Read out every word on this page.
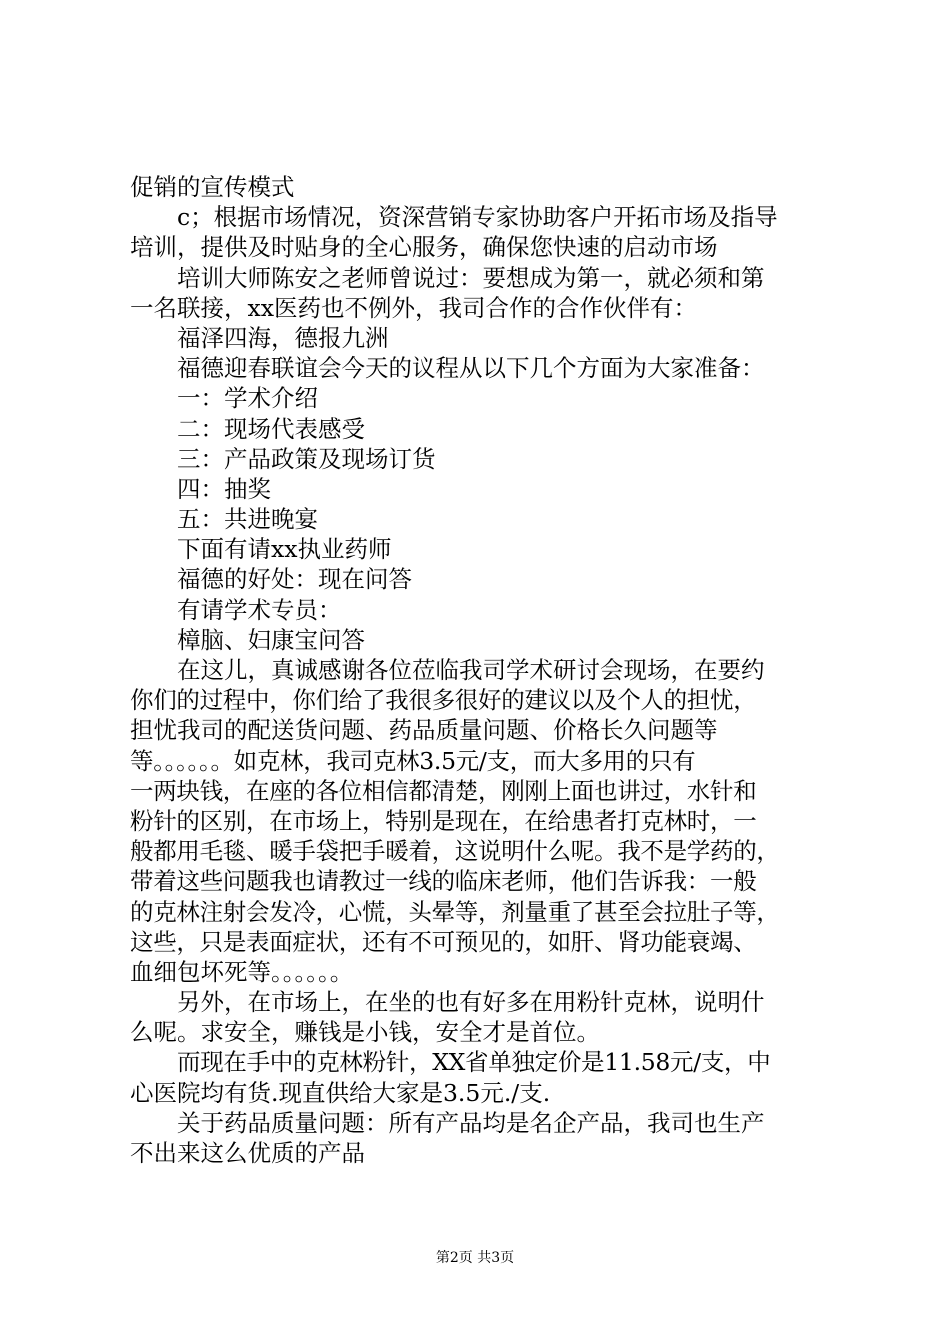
促销的宣传模式
c；根据市场情况，资深营销专家协助客户开拓市场及指导
培训，提供及时贴身的全心服务，确保您快速的启动市场
培训大师陈安之老师曾说过：要想成为第一，就必须和第
一名联接，xx医药也不例外，我司合作的合作伙伴有：
福泽四海，德报九洲
福德迎春联谊会今天的议程从以下几个方面为大家准备：
一：学术介绍
二：现场代表感受
三：产品政策及现场订货
四：抽奖
五：共进晚宴
下面有请xx执业药师
福德的好处：现在问答
有请学术专员：
樟脑、妇康宝问答
在这儿，真诚感谢各位莅临我司学术研讨会现场，在要约
你们的过程中，你们给了我很多很好的建议以及个人的担忧，
担忧我司的配送货问题、药品质量问题、价格长久问题等
等。。。。。。如克林，我司克林3.5元/支，而大多用的只有
一两块钱，在座的各位相信都清楚，刚刚上面也讲过，水针和
粉针的区别，在市场上，特别是现在，在给患者打克林时，一
般都用毛毯、暖手袋把手暖着，这说明什么呢。我不是学药的，
带着这些问题我也请教过一线的临床老师，他们告诉我：一般
的克林注射会发冷，心慌，头晕等，剂量重了甚至会拉肚子等，
这些，只是表面症状，还有不可预见的，如肝、肾功能衰竭、
血细包坏死等。。。。。。
另外，在市场上，在坐的也有好多在用粉针克林，说明什
么呢。求安全，赚钱是小钱，安全才是首位。
而现在手中的克林粉针，XX省单独定价是11.58元/支，中
心医院均有货.现直供给大家是3.5元./支.
关于药品质量问题：所有产品均是名企产品，我司也生产
不出来这么优质的产品
第2页 共3页
